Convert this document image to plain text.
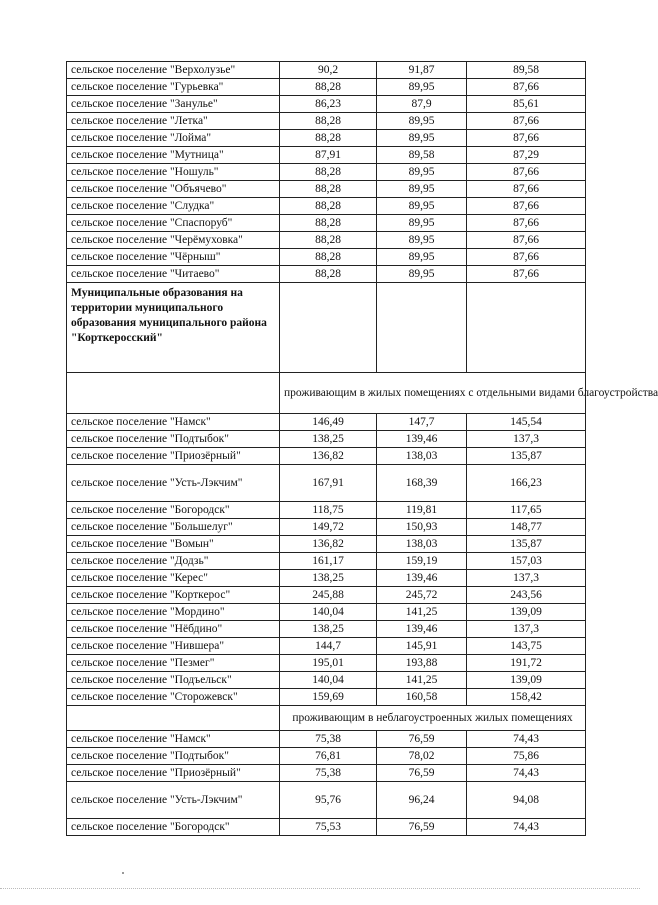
сельское поселение "Верхолузье"	90,2	91,87	89,58
сельское поселение "Гурьевка"	88,28	89,95	87,66
сельское поселение "Занулье"	86,23	87,9	85,61
сельское поселение "Летка"	88,28	89,95	87,66
сельское поселение "Лойма"	88,28	89,95	87,66
сельское поселение "Мутница"	87,91	89,58	87,29
сельское поселение "Ношуль"	88,28	89,95	87,66
сельское поселение "Объячево"	88,28	89,95	87,66
сельское поселение "Слудка"	88,28	89,95	87,66
сельское поселение "Спаспоруб"	88,28	89,95	87,66
сельское поселение "Черёмуховка"	88,28	89,95	87,66
сельское поселение "Чёрныш"	88,28	89,95	87,66
сельское поселение "Читаево"	88,28	89,95	87,66
Муниципальные образования на территории муниципального образования муниципального района "Корткеросский"			
	проживающим в жилых помещениях с отдельными видами благоустройства		
сельское поселение "Намск"	146,49	147,7	145,54
сельское поселение "Подтыбок"	138,25	139,46	137,3
сельское поселение "Приозёрный"	136,82	138,03	135,87
сельское поселение "Усть-Лэкчим"	167,91	168,39	166,23
сельское поселение "Богородск"	118,75	119,81	117,65
сельское поселение "Большелуг"	149,72	150,93	148,77
сельское поселение "Вомын"	136,82	138,03	135,87
сельское поселение "Додзь"	161,17	159,19	157,03
сельское поселение "Керес"	138,25	139,46	137,3
сельское поселение "Корткерос"	245,88	245,72	243,56
сельское поселение "Мордино"	140,04	141,25	139,09
сельское поселение "Нёбдино"	138,25	139,46	137,3
сельское поселение "Нившера"	144,7	145,91	143,75
сельское поселение "Пезмег"	195,01	193,88	191,72
сельское поселение "Подъельск"	140,04	141,25	139,09
сельское поселение "Сторожевск"	159,69	160,58	158,42
	проживающим в неблагоустроенных жилых помещениях		
сельское поселение "Намск"	75,38	76,59	74,43
сельское поселение "Подтыбок"	76,81	78,02	75,86
сельское поселение "Приозёрный"	75,38	76,59	74,43
сельское поселение "Усть-Лэкчим"	95,76	96,24	94,08
сельское поселение "Богородск"	75,53	76,59	74,43
